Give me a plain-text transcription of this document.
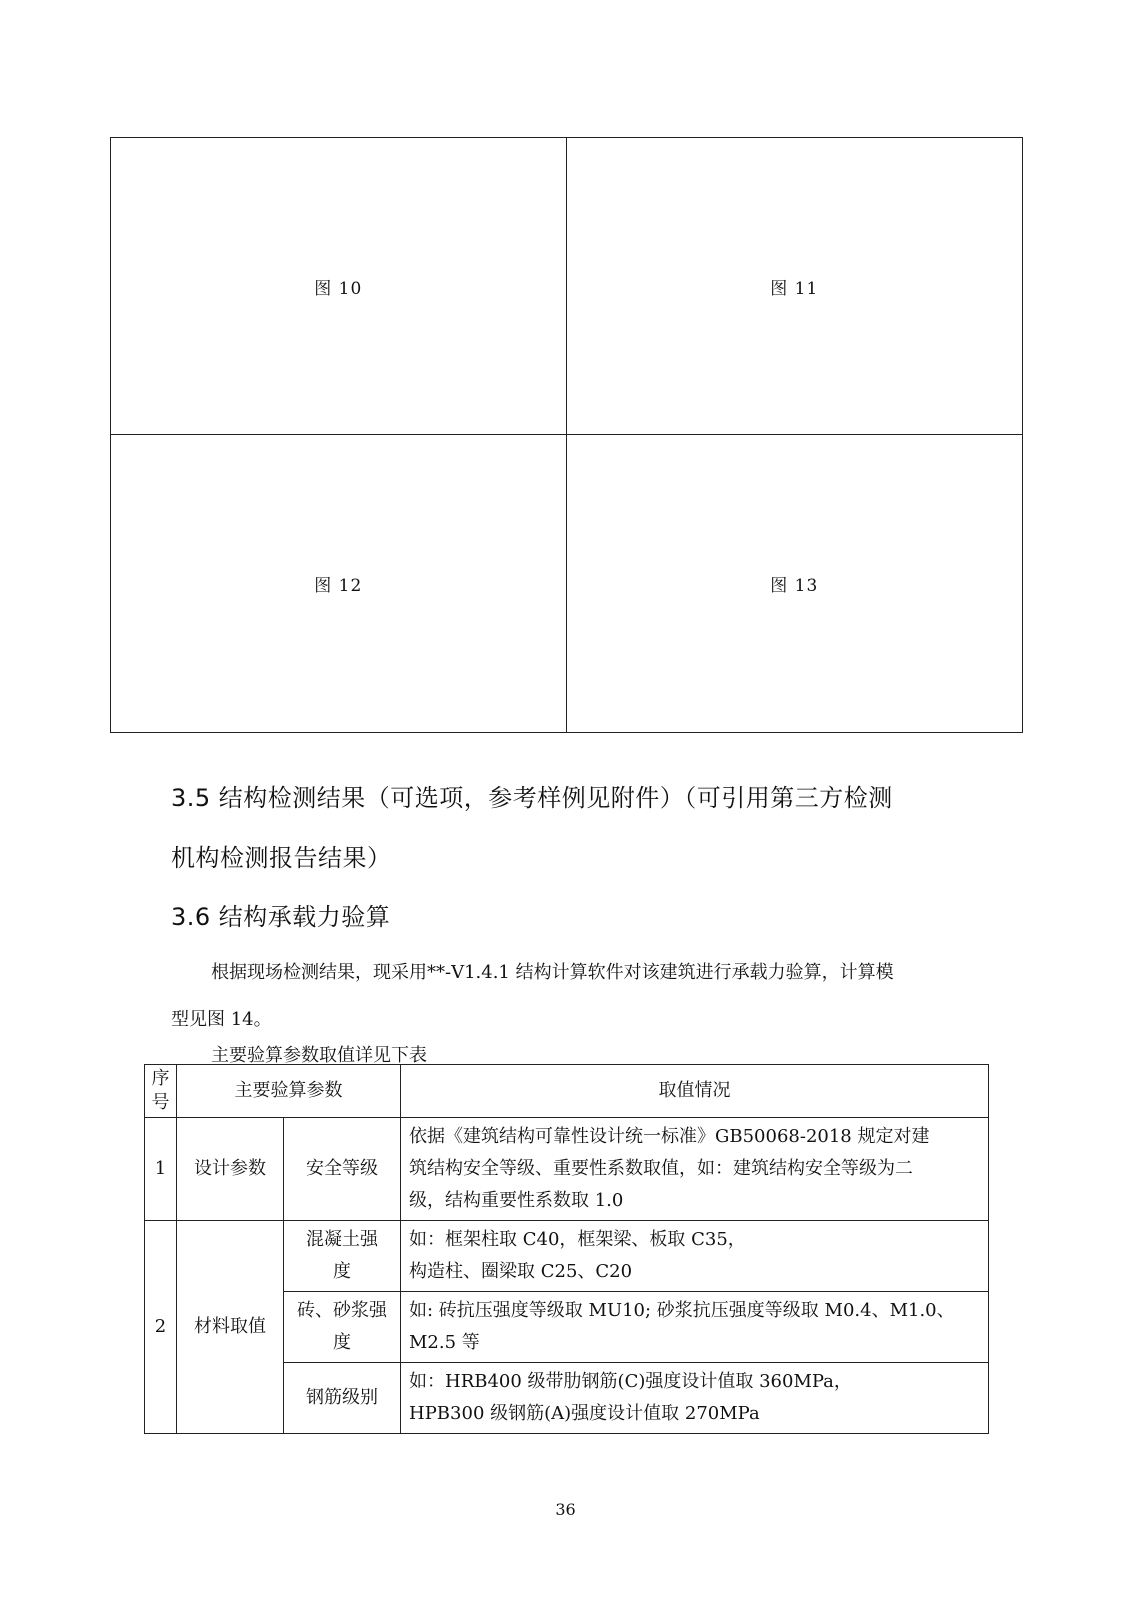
图 10	图 11
图 12	图 13
3.5 结构检测结果（可选项，参考样例见附件）（可引用第三方检测
机构检测报告结果）
3.6 结构承载力验算

根据现场检测结果，现采用**-V1.4.1 结构计算软件对该建筑进行承载力验算，计算模

型见图 14。

主要验算参数取值详见下表

序
号	主要验算参数		取值情况
1	设计参数	安全等级	依据《建筑结构可靠性设计统一标准》GB50068-2018 规定对建
筑结构安全等级、重要性系数取值，如：建筑结构安全等级为二
级，结构重要性系数取 1.0

2	材料取值	混凝土强
度	如：框架柱取 C40，框架梁、板取 C35，
构造柱、圈梁取 C25、C20

		砖、砂浆强
度	如: 砖抗压强度等级取 MU10; 砂浆抗压强度等级取 M0.4、M1.0、
M2.5 等

		钢筋级别	如：HRB400 级带肋钢筋(C)强度设计值取 360MPa，
HPB300 级钢筋(A)强度设计值取 270MPa
36
